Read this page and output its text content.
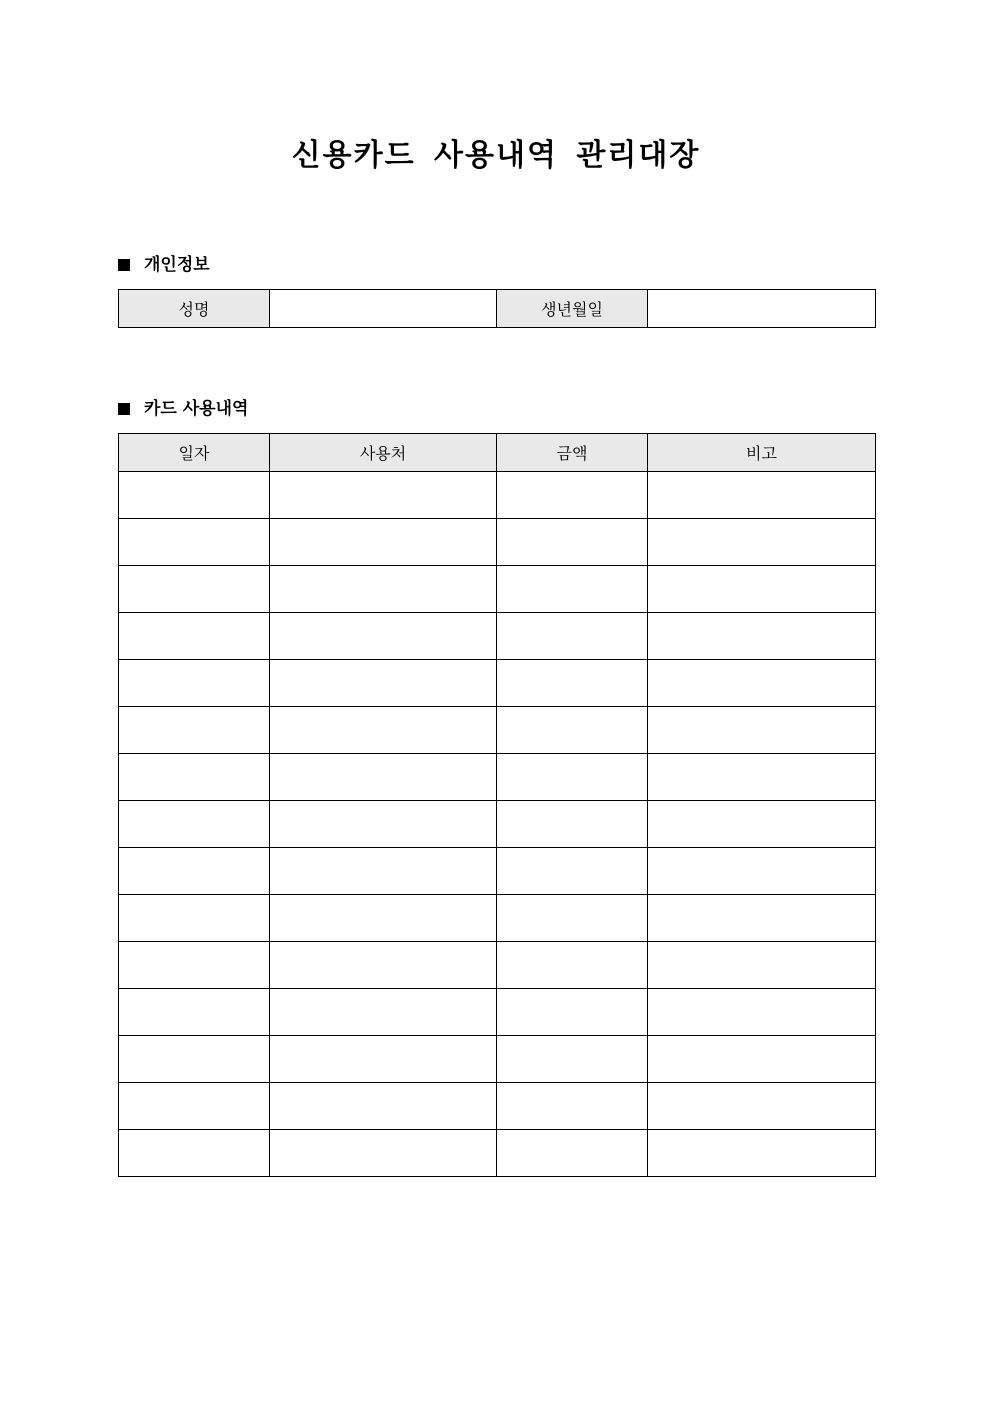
신용카드 사용내역 관리대장
개인정보
성명		생년월일	
카드 사용내역
일자	사용처	금액	비고
